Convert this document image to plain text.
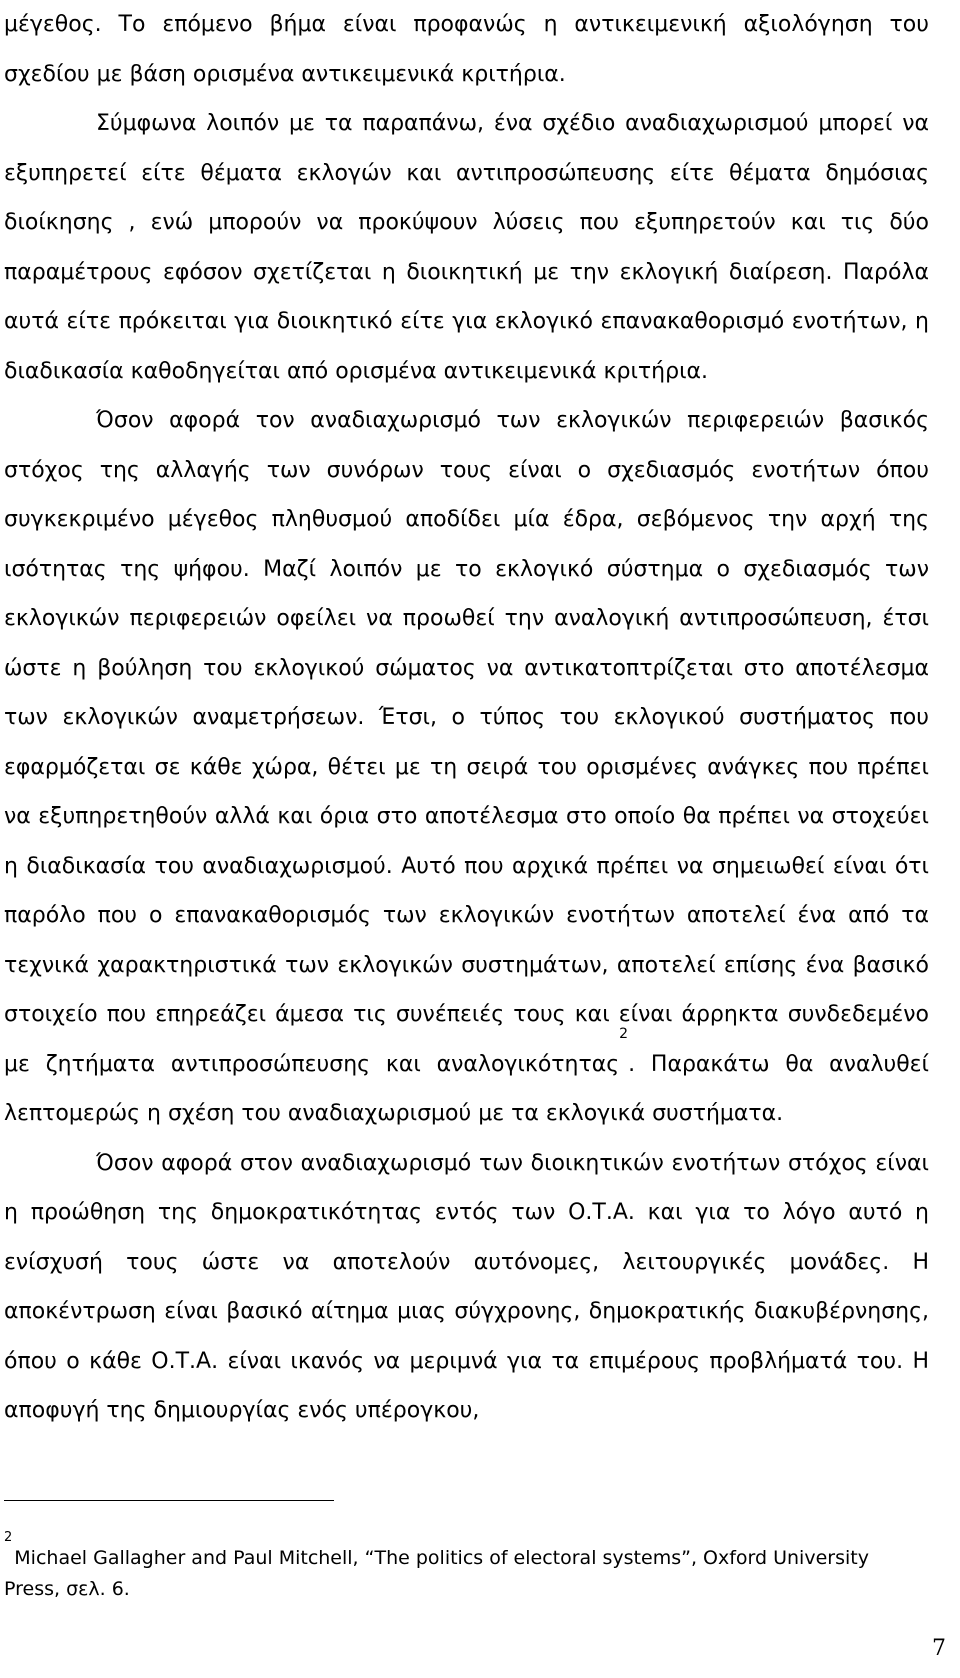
μέγεθος. Το επόμενο βήμα είναι προφανώς η αντικειμενική αξιολόγηση του σχεδίου με βάση ορισμένα αντικειμενικά κριτήρια.

Σύμφωνα λοιπόν με τα παραπάνω, ένα σχέδιο αναδιαχωρισμού μπορεί να εξυπηρετεί είτε θέματα εκλογών και αντιπροσώπευσης είτε θέματα δημόσιας διοίκησης , ενώ μπορούν να προκύψουν λύσεις που εξυπηρετούν και τις δύο παραμέτρους εφόσον σχετίζεται η διοικητική με την εκλογική διαίρεση. Παρόλα αυτά είτε πρόκειται για διοικητικό είτε για εκλογικό επανακαθορισμό ενοτήτων, η διαδικασία καθοδηγείται από ορισμένα αντικειμενικά κριτήρια.

Όσον αφορά τον αναδιαχωρισμό των εκλογικών περιφερειών βασικός στόχος της αλλαγής των συνόρων τους είναι ο σχεδιασμός ενοτήτων όπου συγκεκριμένο μέγεθος πληθυσμού αποδίδει μία έδρα, σεβόμενος την αρχή της ισότητας της ψήφου. Μαζί λοιπόν με το εκλογικό σύστημα ο σχεδιασμός των εκλογικών περιφερειών οφείλει να προωθεί την αναλογική αντιπροσώπευση, έτσι ώστε η βούληση του εκλογικού σώματος να αντικατοπτρίζεται στο αποτέλεσμα των εκλογικών αναμετρήσεων. Έτσι, ο τύπος του εκλογικού συστήματος που εφαρμόζεται σε κάθε χώρα, θέτει με τη σειρά του ορισμένες ανάγκες που πρέπει να εξυπηρετηθούν αλλά και όρια στο αποτέλεσμα στο οποίο θα πρέπει να στοχεύει η διαδικασία του αναδιαχωρισμού. Αυτό που αρχικά πρέπει να σημειωθεί είναι ότι παρόλο που ο επανακαθορισμός των εκλογικών ενοτήτων αποτελεί ένα από τα τεχνικά χαρακτηριστικά των εκλογικών συστημάτων, αποτελεί επίσης ένα βασικό στοιχείο που επηρεάζει άμεσα τις συνέπειές τους και είναι άρρηκτα συνδεδεμένο με ζητήματα αντιπροσώπευσης και αναλογικότητας$^2$. Παρακάτω θα αναλυθεί λεπτομερώς η σχέση του αναδιαχωρισμού με τα εκλογικά συστήματα.

Όσον αφορά στον αναδιαχωρισμό των διοικητικών ενοτήτων στόχος είναι η προώθηση της δημοκρατικότητας εντός των Ο.Τ.Α. και για το λόγο αυτό η ενίσχυσή τους ώστε να αποτελούν αυτόνομες, λειτουργικές μονάδες. Η αποκέντρωση είναι βασικό αίτημα μιας σύγχρονης, δημοκρατικής διακυβέρνησης, όπου ο κάθε Ο.Τ.Α. είναι ικανός να μεριμνά για τα επιμέρους προβλήματά του. Η αποφυγή της δημιουργίας ενός υπέρογκου,

$^2$Michael Gallagher and Paul Mitchell, “The politics of electoral systems”, Oxford University Press, σελ. 6.
7
